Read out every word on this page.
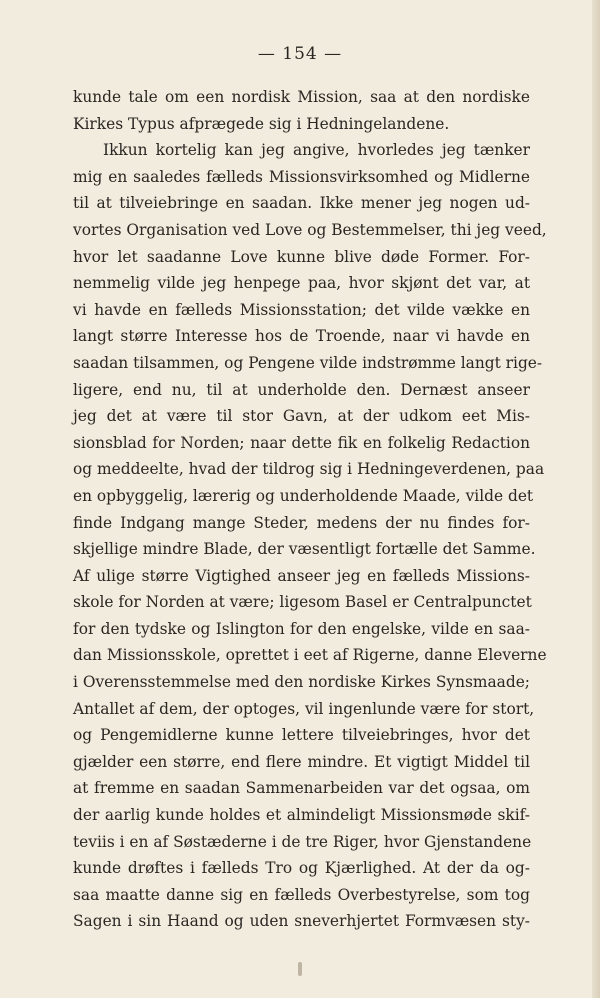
— 154 —
kunde tale om een nordisk Mission, saa at den nordiske
Kirkes Typus afprægede sig i Hedningelandene.
Ikkun kortelig kan jeg angive, hvorledes jeg tænker
mig en saaledes fælleds Missionsvirksomhed og Midlerne
til at tilveiebringe en saadan. Ikke mener jeg nogen ud-
vortes Organisation ved Love og Bestemmelser, thi jeg veed,
hvor let saadanne Love kunne blive døde Former. For-
nemmelig vilde jeg henpege paa, hvor skjønt det var, at
vi havde en fælleds Missionsstation; det vilde vække en
langt større Interesse hos de Troende, naar vi havde en
saadan tilsammen, og Pengene vilde indstrømme langt rige-
ligere, end nu, til at underholde den. Dernæst anseer
jeg det at være til stor Gavn, at der udkom eet Mis-
sionsblad for Norden; naar dette fik en folkelig Redaction
og meddeelte, hvad der tildrog sig i Hedningeverdenen, paa
en opbyggelig, lærerig og underholdende Maade, vilde det
finde Indgang mange Steder, medens der nu findes for-
skjellige mindre Blade, der væsentligt fortælle det Samme.
Af ulige større Vigtighed anseer jeg en fælleds Missions-
skole for Norden at være; ligesom Basel er Centralpunctet
for den tydske og Islington for den engelske, vilde en saa-
dan Missionsskole, oprettet i eet af Rigerne, danne Eleverne
i Overensstemmelse med den nordiske Kirkes Synsmaade;
Antallet af dem, der optoges, vil ingenlunde være for stort,
og Pengemidlerne kunne lettere tilveiebringes, hvor det
gjælder een større, end flere mindre. Et vigtigt Middel til
at fremme en saadan Sammenarbeiden var det ogsaa, om
der aarlig kunde holdes et almindeligt Missionsmøde skif-
teviis i en af Søstæderne i de tre Riger, hvor Gjenstandene
kunde drøftes i fælleds Tro og Kjærlighed. At der da og-
saa maatte danne sig en fælleds Overbestyrelse, som tog
Sagen i sin Haand og uden sneverhjertet Formvæsen sty-
